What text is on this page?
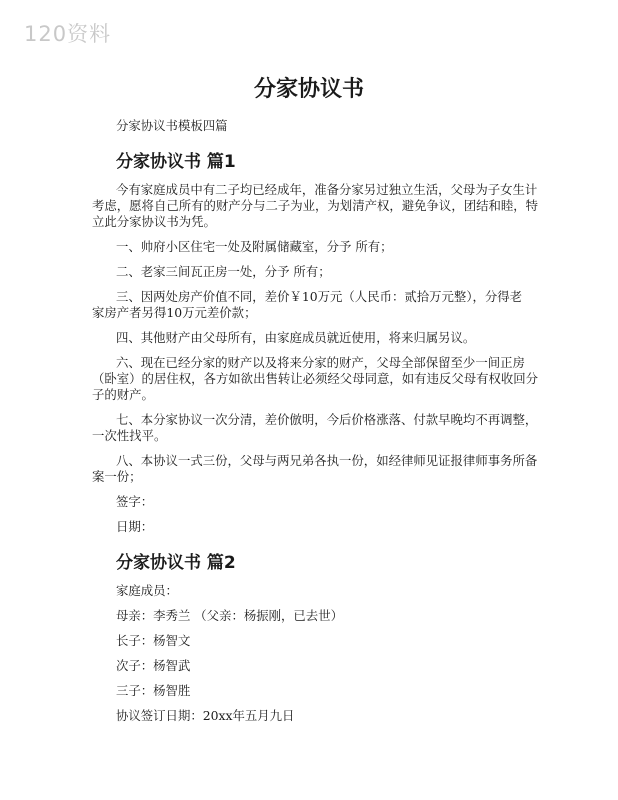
120资料
分家协议书
分家协议书模板四篇
分家协议书 篇1
今有家庭成员中有二子均已经成年，准备分家另过独立生活，父母为子女生计
考虑，愿将自己所有的财产分与二子为业，为划清产权，避免争议，团结和睦，特
立此分家协议书为凭。
一、帅府小区住宅一处及附属储藏室，分予 所有；
二、老家三间瓦正房一处，分予 所有；
三、因两处房产价值不同，差价￥10万元（人民币：贰拾万元整），分得老
家房产者另得10万元差价款；
四、其他财产由父母所有，由家庭成员就近使用，将来归属另议。
六、现在已经分家的财产以及将来分家的财产，父母全部保留至少一间正房
（卧室）的居住权，各方如欲出售转让必须经父母同意，如有违反父母有权收回分
子的财产。
七、本分家协议一次分清，差价倣明，今后价格涨落、付款早晚均不再调整，
一次性找平。
八、本协议一式三份，父母与两兄弟各执一份，如经律师见证报律师事务所备
案一份；
签字：
日期：
分家协议书 篇2
家庭成员：
母亲：李秀兰 （父亲：杨振刚，已去世）
长子：杨智文
次子：杨智武
三子：杨智胜
协议签订日期：20xx年五月九日
